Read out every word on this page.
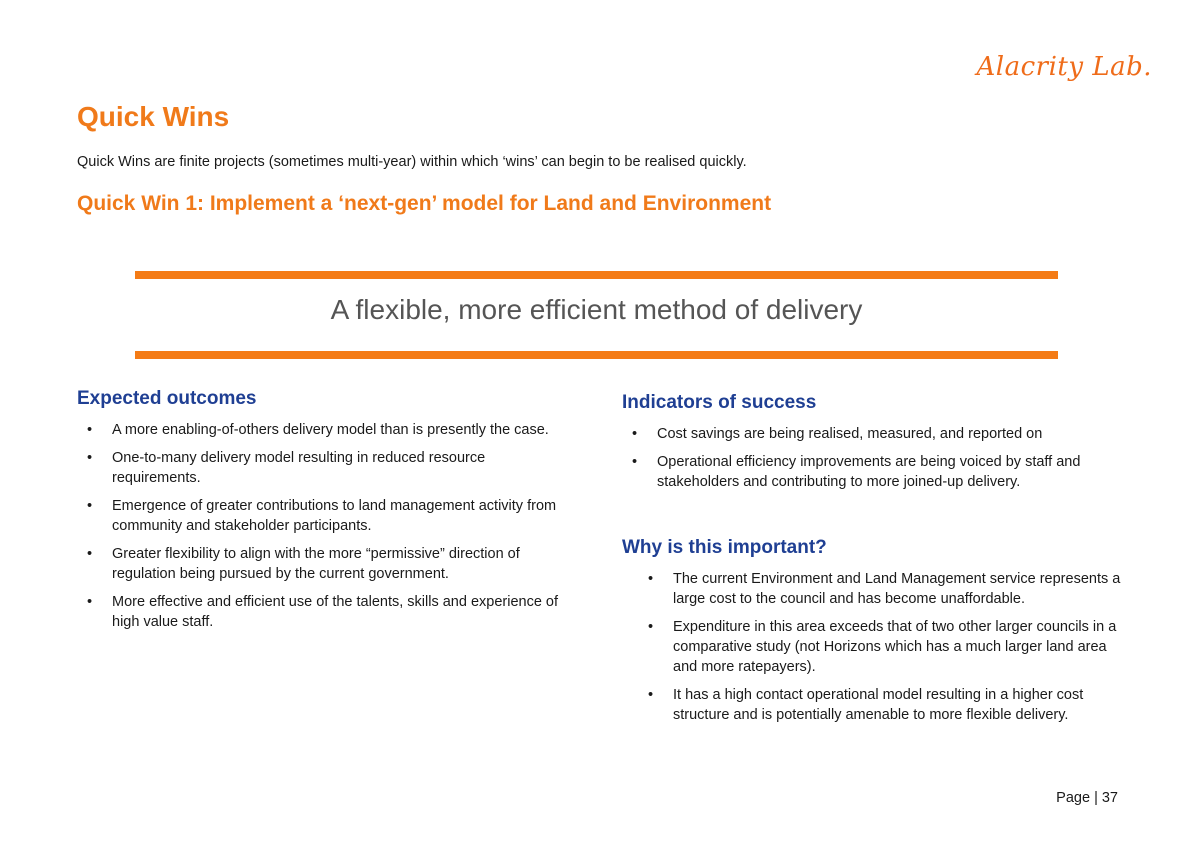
Alacrity Lab.
Quick Wins

Quick Wins are finite projects (sometimes multi-year) within which ‘wins’ can begin to be realised quickly.

Quick Win 1: Implement a ‘next-gen’ model for Land and Environment

A flexible, more efficient method of delivery

Expected outcomes
• A more enabling-of-others delivery model than is presently the case.
• One-to-many delivery model resulting in reduced resource requirements.
• Emergence of greater contributions to land management activity from community and stakeholder participants.
• Greater flexibility to align with the more “permissive” direction of regulation being pursued by the current government.
• More effective and efficient use of the talents, skills and experience of high value staff.
Indicators of success
• Cost savings are being realised, measured, and reported on
• Operational efficiency improvements are being voiced by staff and stakeholders and contributing to more joined-up delivery.
Why is this important?
• The current Environment and Land Management service represents a large cost to the council and has become unaffordable.
• Expenditure in this area exceeds that of two other larger councils in a comparative study (not Horizons which has a much larger land area and more ratepayers).
• It has a high contact operational model resulting in a higher cost structure and is potentially amenable to more flexible delivery.
Page | 37
